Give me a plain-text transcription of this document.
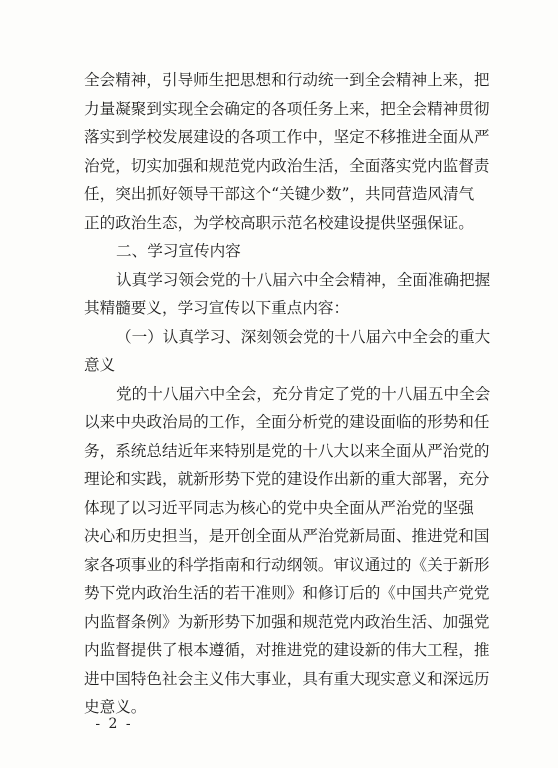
全会精神，引导师生把思想和行动统一到全会精神上来，把
力量凝聚到实现全会确定的各项任务上来，把全会精神贯彻
落实到学校发展建设的各项工作中，坚定不移推进全面从严
治党，切实加强和规范党内政治生活，全面落实党内监督责
任，突出抓好领导干部这个“关键少数”，共同营造风清气
正的政治生态，为学校高职示范名校建设提供坚强保证。
二、学习宣传内容
认真学习领会党的十八届六中全会精神，全面准确把握
其精髓要义，学习宣传以下重点内容：
（一）认真学习、深刻领会党的十八届六中全会的重大
意义
党的十八届六中全会，充分肯定了党的十八届五中全会
以来中央政治局的工作，全面分析党的建设面临的形势和任
务，系统总结近年来特别是党的十八大以来全面从严治党的
理论和实践，就新形势下党的建设作出新的重大部署，充分
体现了以习近平同志为核心的党中央全面从严治党的坚强
决心和历史担当，是开创全面从严治党新局面、推进党和国
家各项事业的科学指南和行动纲领。审议通过的《关于新形
势下党内政治生活的若干准则》和修订后的《中国共产党党
内监督条例》为新形势下加强和规范党内政治生活、加强党
内监督提供了根本遵循，对推进党的建设新的伟大工程，推
进中国特色社会主义伟大事业，具有重大现实意义和深远历
史意义。
- 2 -
